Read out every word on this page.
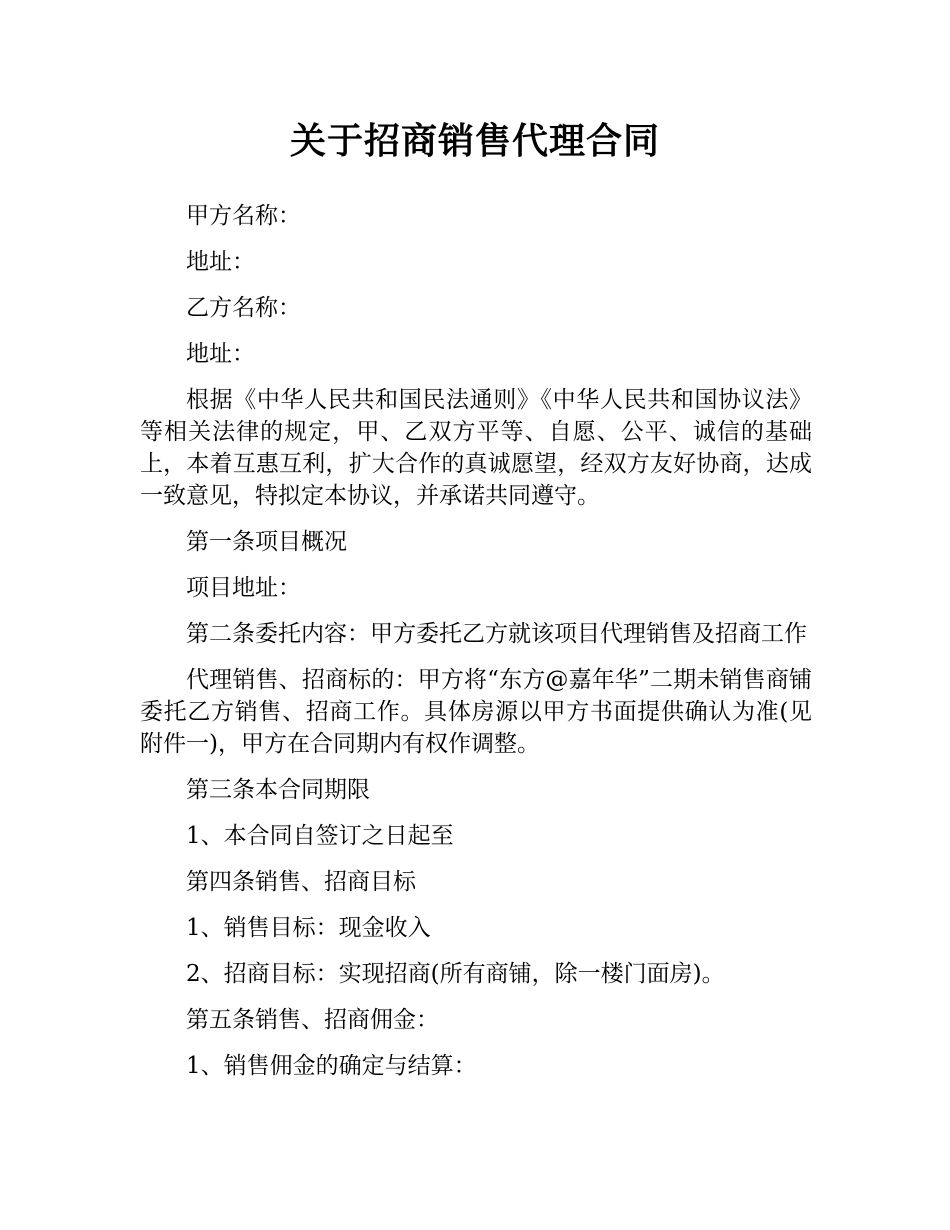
关于招商销售代理合同

甲方名称：

地址：

乙方名称：

地址：

根据《中华人民共和国民法通则》《中华人民共和国协议法》等相关法律的规定，甲、乙双方平等、自愿、公平、诚信的基础上，本着互惠互利，扩大合作的真诚愿望，经双方友好协商，达成一致意见，特拟定本协议，并承诺共同遵守。

第一条项目概况

项目地址：

第二条委托内容：甲方委托乙方就该项目代理销售及招商工作

代理销售、招商标的：甲方将“东方@嘉年华”二期未销售商铺委托乙方销售、招商工作。具体房源以甲方书面提供确认为准(见附件一)，甲方在合同期内有权作调整。

第三条本合同期限

1、本合同自签订之日起至

第四条销售、招商目标

1、销售目标：现金收入

2、招商目标：实现招商(所有商铺，除一楼门面房)。

第五条销售、招商佣金：

1、销售佣金的确定与结算：
